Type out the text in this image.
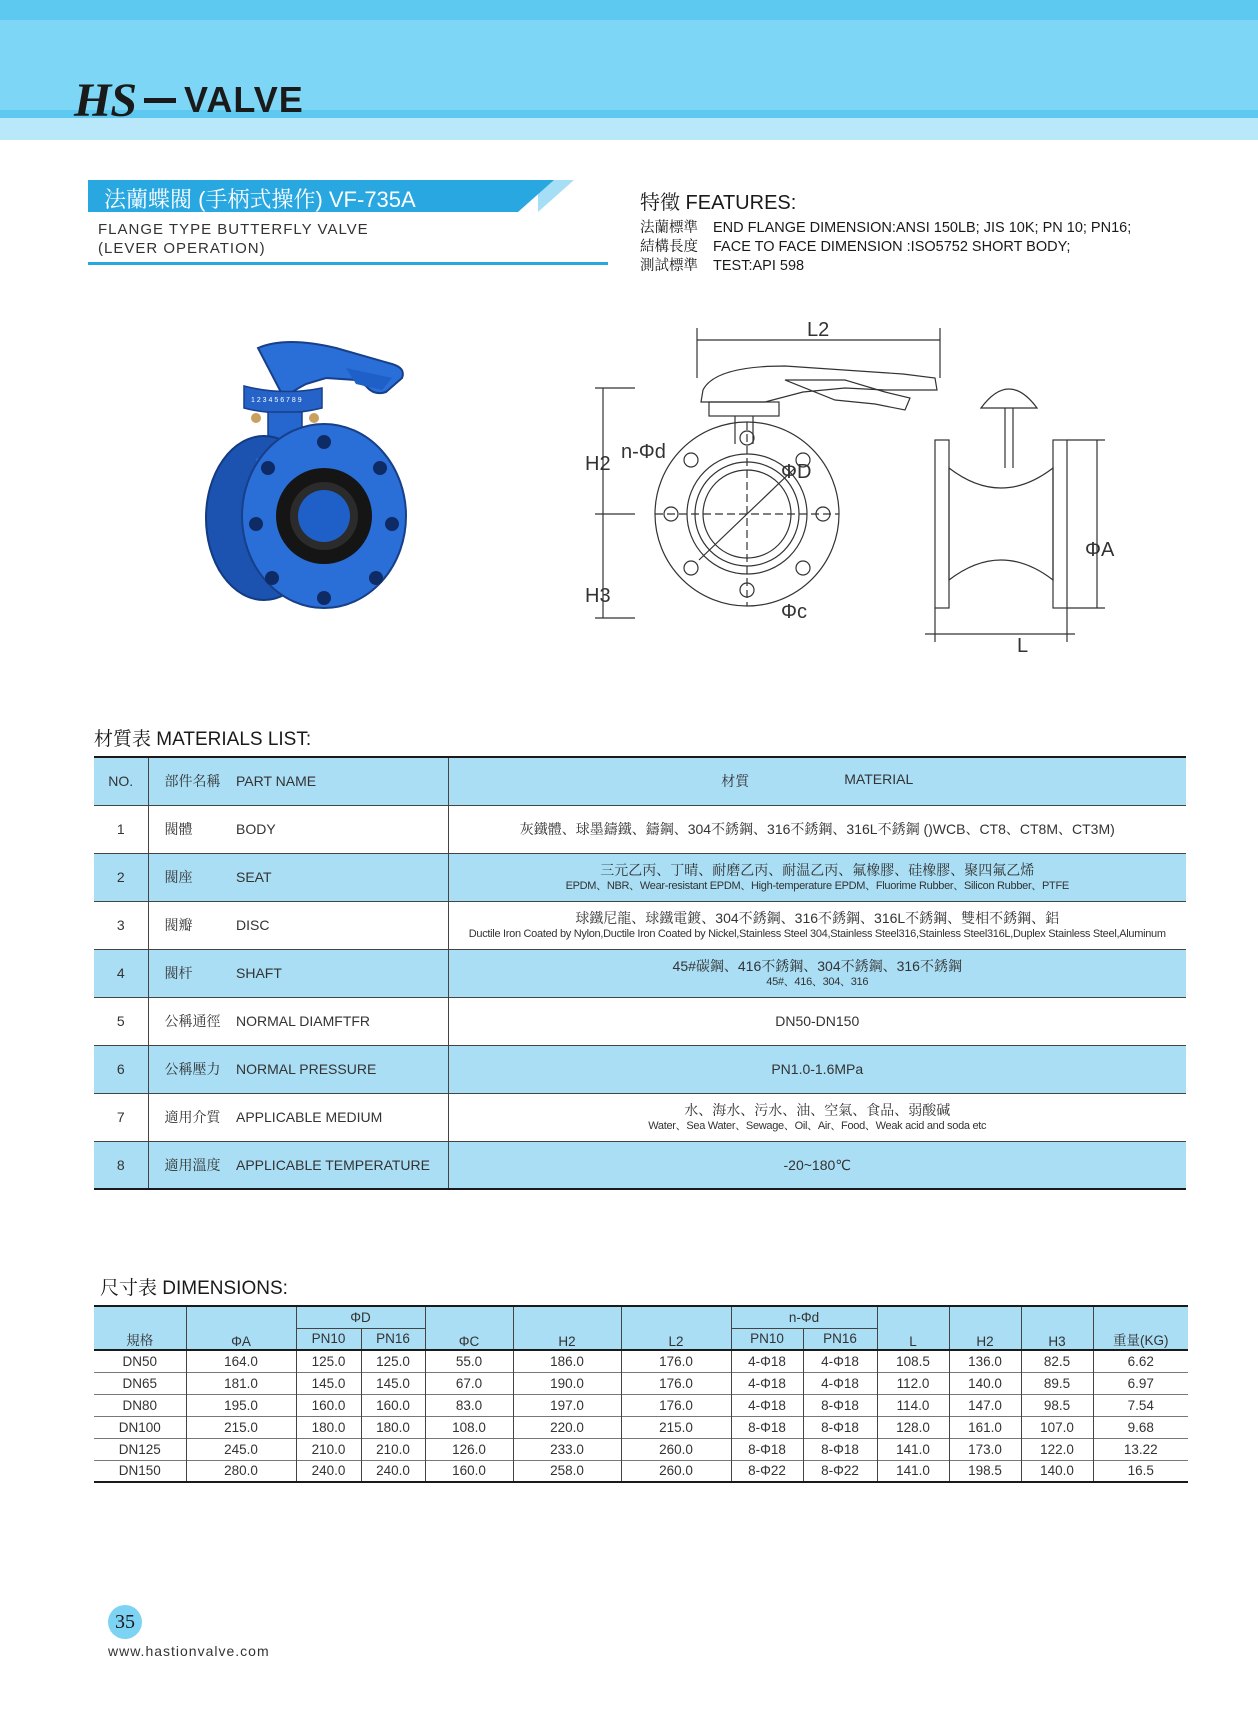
HS VALVE
法蘭蝶閥 (手柄式操作) VF-735A
FLANGE TYPE BUTTERFLY VALVE
(LEVER OPERATION)
特徵 FEATURES:
法蘭標準	END FLANGE DIMENSION:ANSI 150LB; JIS 10K; PN 10; PN16;
結構長度	FACE TO FACE DIMENSION :ISO5752 SHORT BODY;
測試標準	TEST:API 598
1 2 3 4 5 6 7 8 9
L2
H2
H3
n-Φd
ΦD
Φc
ΦA
L
材質表 MATERIALS LIST:
NO.	部件名稱	PART NAME	材質 MATERIAL

1	閥體	BODY	灰鐵體、球墨鑄鐵、鑄鋼、304不銹鋼、316不銹鋼、316L不銹鋼 ()WCB、CT8、CT8M、CT3M)

2	閥座	SEAT	三元乙丙、丁晴、耐磨乙丙、耐温乙丙、氟橡膠、硅橡膠、聚四氟乙烯
EPDM、NBR、Wear-resistant EPDM、High-temperature EPDM、Fluorime Rubber、Silicon Rubber、PTFE

3	閥瓣	DISC	球鐵尼龍、球鐵電鍍、304不銹鋼、316不銹鋼、316L不銹鋼、雙相不銹鋼、鋁
Ductile Iron Coated by Nylon,Ductile Iron Coated by Nickel,Stainless Steel 304,Stainless Steel316,Stainless Steel316L,Duplex Stainless Steel,Aluminum

4	閥杆	SHAFT	45#碳鋼、416不銹鋼、304不銹鋼、316不銹鋼
45#、416、304、316

5	公稱通徑	NORMAL DIAMFTFR	DN50-DN150

6	公稱壓力	NORMAL PRESSURE	PN1.0-1.6MPa

7	適用介質	APPLICABLE MEDIUM	水、海水、污水、油、空氣、食品、弱酸碱
Water、Sea Water、Sewage、Oil、Air、Food、Weak acid and soda etc

8	適用溫度	APPLICABLE TEMPERATURE	-20~180℃
尺寸表 DIMENSIONS:
規格	ΦA	ΦD		ΦC	H2	L2	n-Φd		L	H2	H3	重量(KG)
		PN10	PN16				PN10	PN16				
DN50	164.0	125.0	125.0	55.0	186.0	176.0	4-Φ18	4-Φ18	108.5	136.0	82.5	6.62
DN65	181.0	145.0	145.0	67.0	190.0	176.0	4-Φ18	4-Φ18	112.0	140.0	89.5	6.97
DN80	195.0	160.0	160.0	83.0	197.0	176.0	4-Φ18	8-Φ18	114.0	147.0	98.5	7.54
DN100	215.0	180.0	180.0	108.0	220.0	215.0	8-Φ18	8-Φ18	128.0	161.0	107.0	9.68
DN125	245.0	210.0	210.0	126.0	233.0	260.0	8-Φ18	8-Φ18	141.0	173.0	122.0	13.22
DN150	280.0	240.0	240.0	160.0	258.0	260.0	8-Φ22	8-Φ22	141.0	198.5	140.0	16.5
35
www.hastionvalve.com
